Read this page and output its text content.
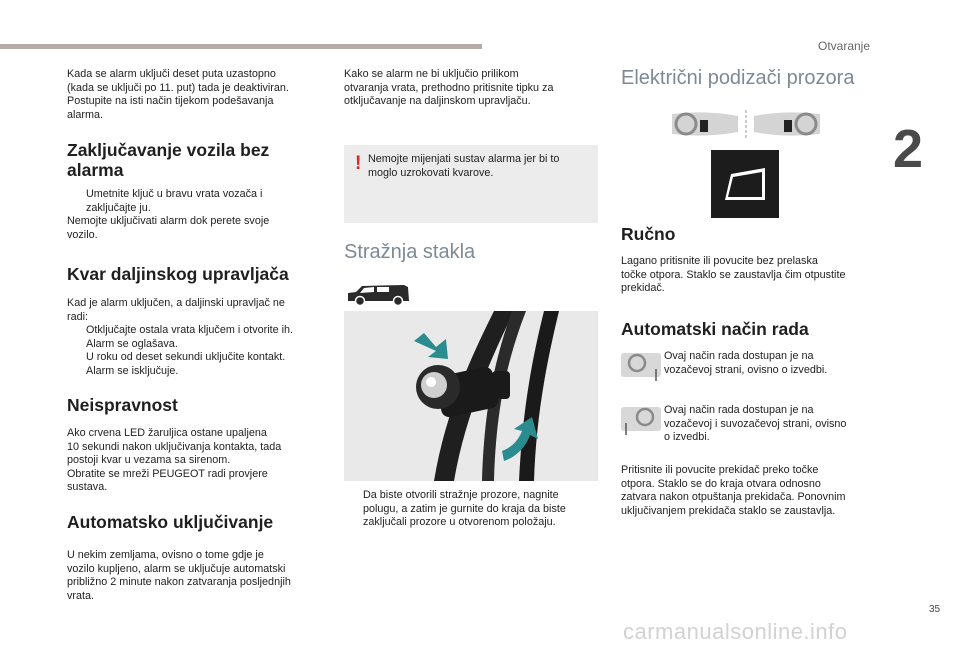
Otvaranje
2
35
carmanualsonline.info

Kada se alarm uključi deset puta uzastopno

(kada se uključi po 11. put) tada je deaktiviran.

Postupite na isti način tijekom podešavanja

alarma.

Zaključavanje vozila bez
alarma

Umetnite ključ u bravu vrata vozača i

zaključajte ju.

Nemojte uključivati alarm dok perete svoje

vozilo.

Kvar daljinskog upravljača

Kad je alarm uključen, a daljinski upravljač ne

radi:

Otključajte ostala vrata ključem i otvorite ih.

Alarm se oglašava.

U roku od deset sekundi uključite kontakt.

Alarm se isključuje.

Neispravnost

Ako crvena LED žaruljica ostane upaljena

10 sekundi nakon uključivanja kontakta, tada

postoji kvar u vezama sa sirenom.

Obratite se mreži PEUGEOT radi provjere

sustava.

Automatsko uključivanje

U nekim zemljama, ovisno o tome gdje je

vozilo kupljeno, alarm se uključuje automatski

približno 2 minute nakon zatvaranja posljednjih

vrata.

Kako se alarm ne bi uključio prilikom

otvaranja vrata, prethodno pritisnite tipku za

otključavanje na daljinskom upravljaču.

! Nemojte mijenjati sustav alarma jer bi to

moglo uzrokovati kvarove.

Stražnja stakla

Da biste otvorili stražnje prozore, nagnite

polugu, a zatim je gurnite do kraja da biste

zaključali prozore u otvorenom položaju.

Električni podizači prozora
Ručno

Lagano pritisnite ili povucite bez prelaska

točke otpora. Staklo se zaustavlja čim otpustite

prekidač.

Automatski način rada

Ovaj način rada dostupan je na

vozačevoj strani, ovisno o izvedbi.

Ovaj način rada dostupan je na

vozačevoj i suvozačevoj strani, ovisno

o izvedbi.

Pritisnite ili povucite prekidač preko točke

otpora. Staklo se do kraja otvara odnosno

zatvara nakon otpuštanja prekidača. Ponovnim

uključivanjem prekidača staklo se zaustavlja.
